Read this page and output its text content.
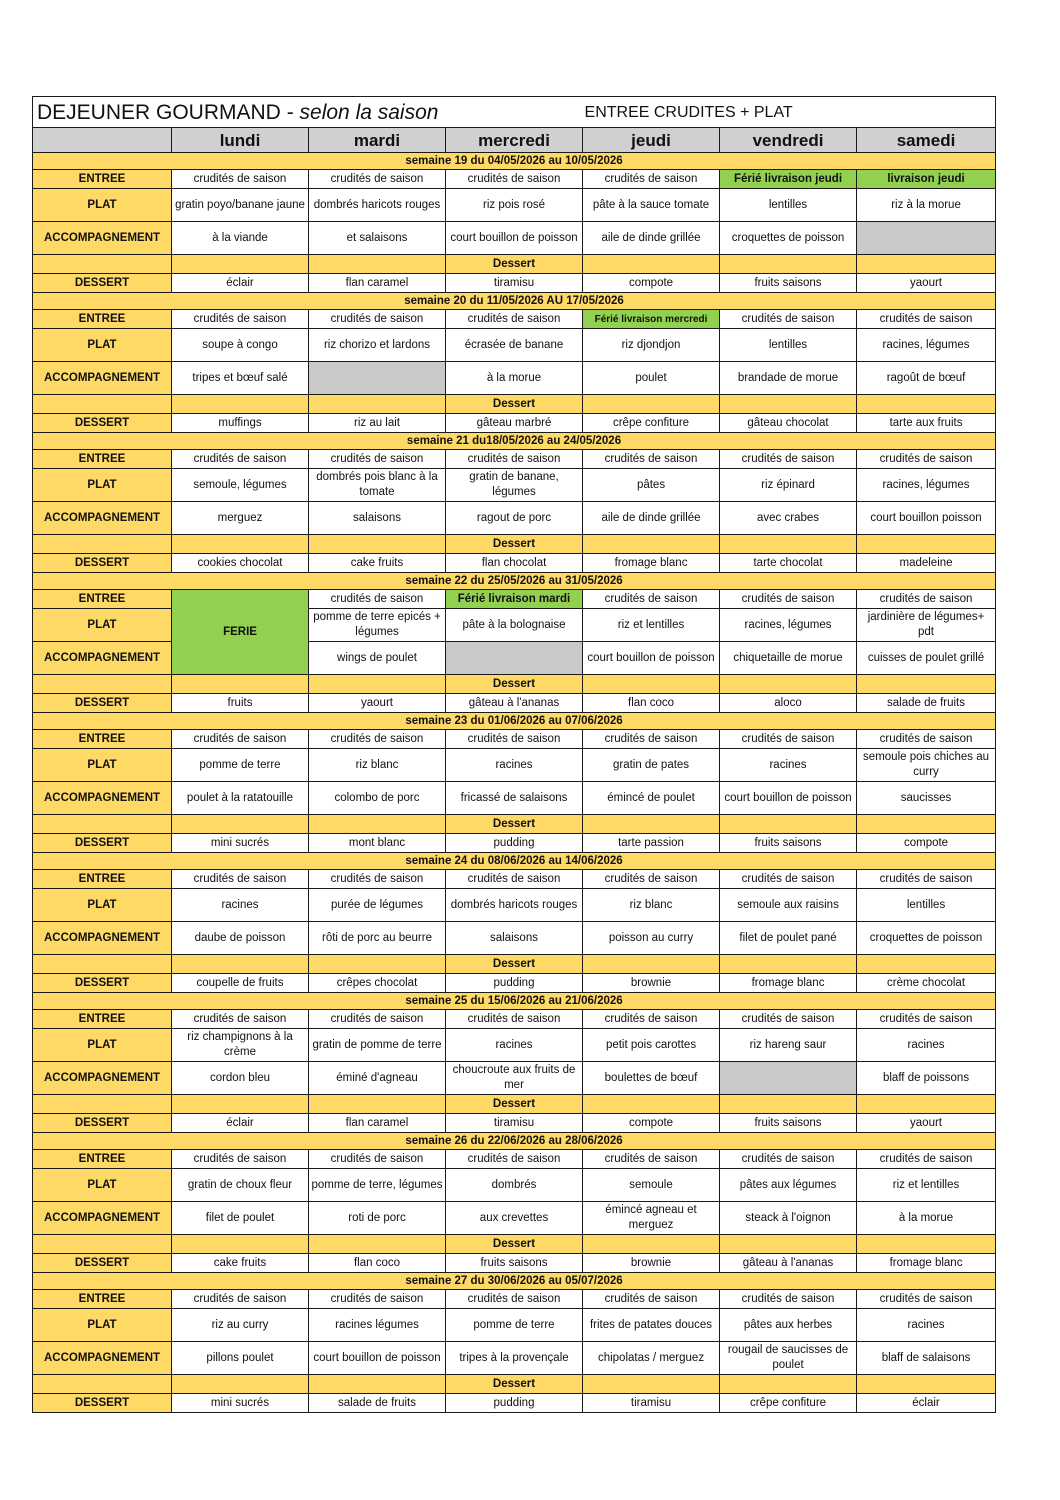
DEJEUNER GOURMAND - selon la saison				ENTREE CRUDITES + PLAT		
	lundi	mardi	mercredi	jeudi	vendredi	samedi
semaine 19 du 04/05/2026 au 10/05/2026						
ENTREE	crudités de saison	crudités de saison	crudités de saison	crudités de saison	Férié livraison jeudi	livraison jeudi
PLAT	gratin poyo/banane jaune	dombrés haricots rouges	riz pois rosé	pâte à la sauce tomate	lentilles	riz à la morue
ACCOMPAGNEMENT	à la viande	et salaisons	court bouillon de poisson	aile de dinde grillée	croquettes de poisson	
			Dessert			
DESSERT	éclair	flan caramel	tiramisu	compote	fruits saisons	yaourt
semaine 20 du 11/05/2026 AU 17/05/2026						
ENTREE	crudités de saison	crudités de saison	crudités de saison	Férié livraison mercredi	crudités de saison	crudités de saison
PLAT	soupe à congo	riz chorizo et lardons	écrasée de banane	riz djondjon	lentilles	racines, légumes
ACCOMPAGNEMENT	tripes et bœuf salé		à la morue	poulet	brandade de morue	ragoût de bœuf
			Dessert			
DESSERT	muffings	riz au lait	gâteau marbré	crêpe confiture	gâteau chocolat	tarte aux fruits
semaine 21 du18/05/2026 au 24/05/2026						
ENTREE	crudités de saison	crudités de saison	crudités de saison	crudités de saison	crudités de saison	crudités de saison
PLAT	semoule, légumes	dombrés pois blanc à la tomate	gratin de banane, légumes	pâtes	riz épinard	racines, légumes
ACCOMPAGNEMENT	merguez	salaisons	ragout de porc	aile de dinde grillée	avec crabes	court bouillon poisson
			Dessert			
DESSERT	cookies chocolat	cake fruits	flan chocolat	fromage blanc	tarte chocolat	madeleine
semaine 22 du 25/05/2026 au 31/05/2026						
ENTREE	FERIE	crudités de saison	Férié livraison mardi	crudités de saison	crudités de saison	crudités de saison
PLAT		pomme de terre epicés + légumes	pâte à la bolognaise	riz et lentilles	racines, légumes	jardinière de légumes+ pdt
ACCOMPAGNEMENT		wings de poulet		court bouillon de poisson	chiquetaille de morue	cuisses de poulet grillé
			Dessert			
DESSERT	fruits	yaourt	gâteau à l'ananas	flan coco	aloco	salade de fruits
semaine 23 du 01/06/2026 au 07/06/2026						
ENTREE	crudités de saison	crudités de saison	crudités de saison	crudités de saison	crudités de saison	crudités de saison
PLAT	pomme de terre	riz blanc	racines	gratin de pates	racines	semoule pois chiches au curry
ACCOMPAGNEMENT	poulet à la ratatouille	colombo de porc	fricassé de salaisons	émincé de poulet	court bouillon de poisson	saucisses
			Dessert			
DESSERT	mini sucrés	mont blanc	pudding	tarte passion	fruits saisons	compote
semaine 24 du 08/06/2026 au 14/06/2026						
ENTREE	crudités de saison	crudités de saison	crudités de saison	crudités de saison	crudités de saison	crudités de saison
PLAT	racines	purée de légumes	dombrés haricots rouges	riz blanc	semoule aux raisins	lentilles
ACCOMPAGNEMENT	daube de poisson	rôti de porc au beurre	salaisons	poisson au curry	filet de poulet pané	croquettes de poisson
			Dessert			
DESSERT	coupelle de fruits	crêpes chocolat	pudding	brownie	fromage blanc	crème chocolat
semaine 25 du 15/06/2026 au 21/06/2026						
ENTREE	crudités de saison	crudités de saison	crudités de saison	crudités de saison	crudités de saison	crudités de saison
PLAT	riz champignons à la crème	gratin de pomme de terre	racines	petit pois carottes	riz hareng saur	racines
ACCOMPAGNEMENT	cordon bleu	éminé d'agneau	choucroute aux fruits de mer	boulettes de bœuf		blaff de poissons
			Dessert			
DESSERT	éclair	flan caramel	tiramisu	compote	fruits saisons	yaourt
semaine 26 du 22/06/2026 au 28/06/2026						
ENTREE	crudités de saison	crudités de saison	crudités de saison	crudités de saison	crudités de saison	crudités de saison
PLAT	gratin de choux fleur	pomme de terre, légumes	dombrés	semoule	pâtes aux légumes	riz et lentilles
ACCOMPAGNEMENT	filet de poulet	roti de porc	aux crevettes	émincé agneau et merguez	steack à l'oignon	à la morue
			Dessert			
DESSERT	cake fruits	flan coco	fruits saisons	brownie	gâteau à l'ananas	fromage blanc
semaine 27 du 30/06/2026 au 05/07/2026						
ENTREE	crudités de saison	crudités de saison	crudités de saison	crudités de saison	crudités de saison	crudités de saison
PLAT	riz au curry	racines légumes	pomme de terre	frites de patates douces	pâtes aux herbes	racines
ACCOMPAGNEMENT	pillons poulet	court bouillon de poisson	tripes à la provençale	chipolatas / merguez	rougail de saucisses de poulet	blaff de salaisons
			Dessert			
DESSERT	mini sucrés	salade de fruits	pudding	tiramisu	crêpe confiture	éclair
